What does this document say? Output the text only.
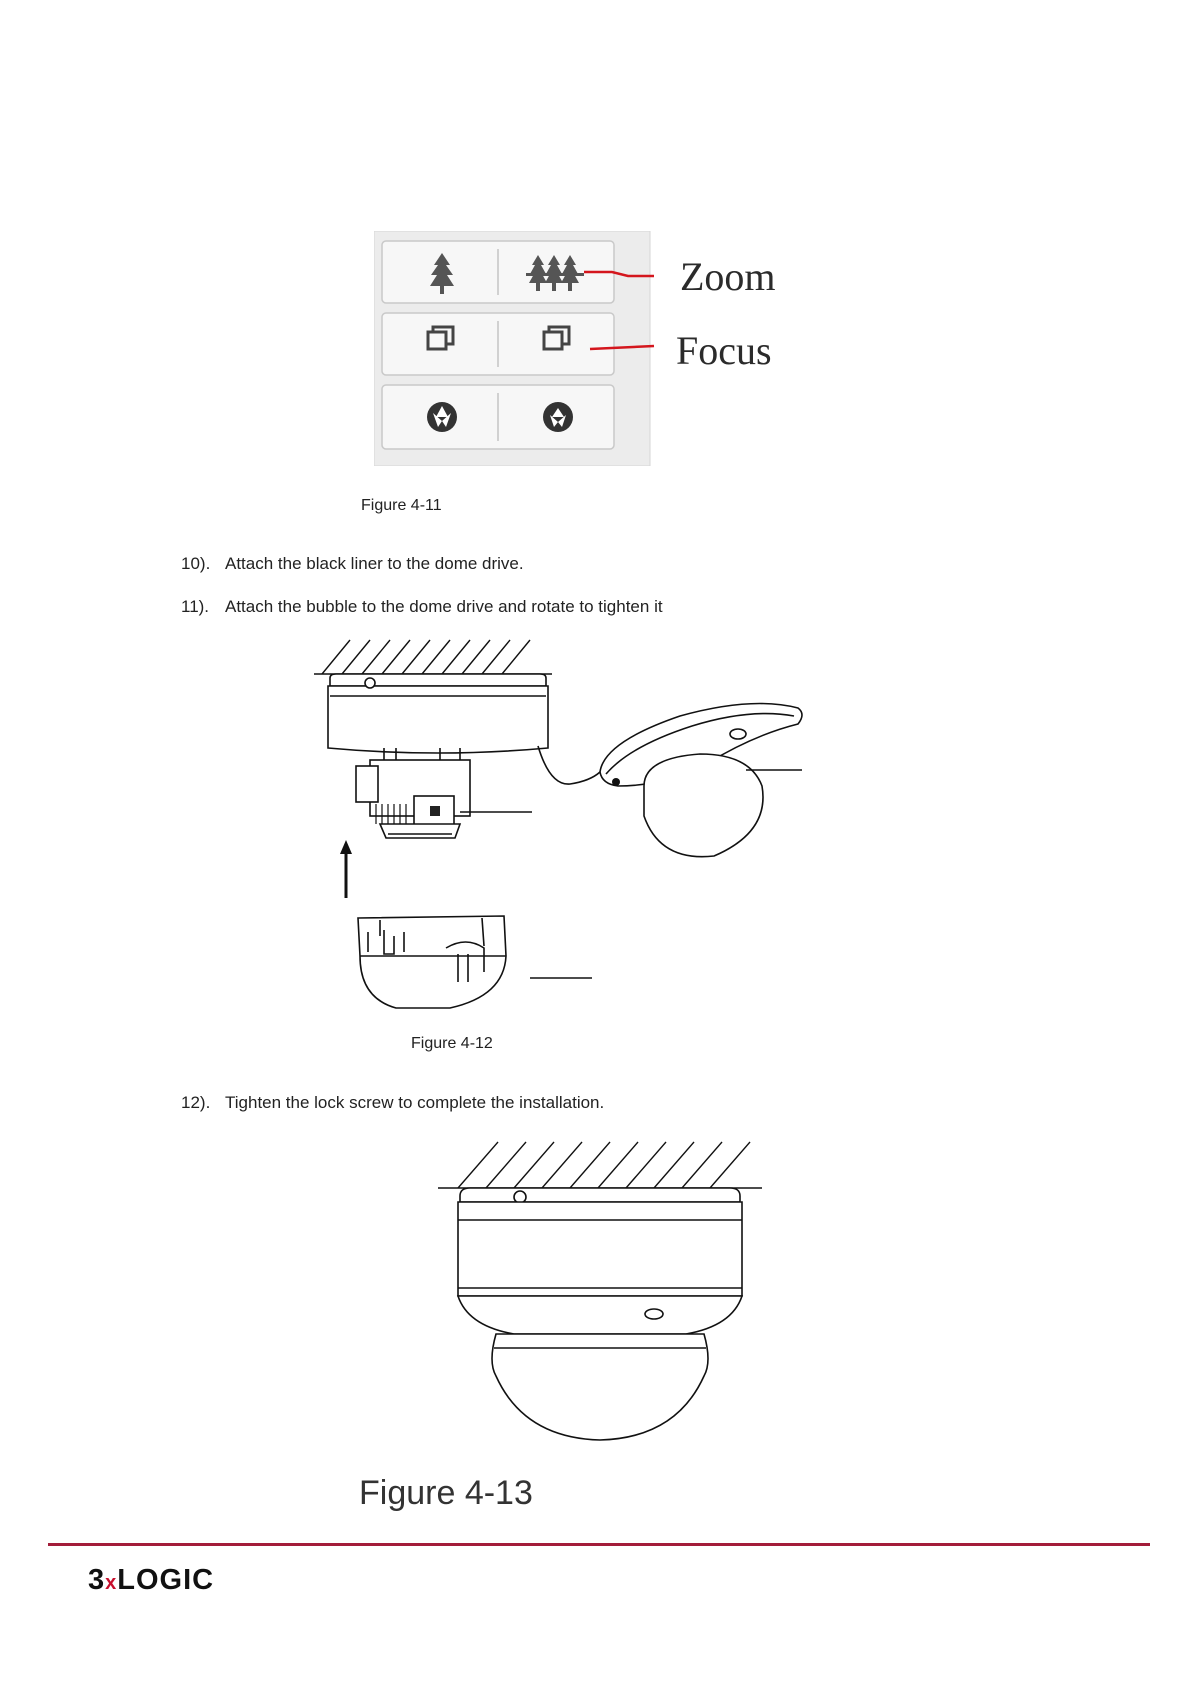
Zoom
Focus
Figure 4-11
10). Attach the black liner to the dome drive.
11). Attach the bubble to the dome drive and rotate to tighten it
Figure 4-12
12). Tighten the lock screw to complete the installation.
Figure 4-13
3xLOGIC
